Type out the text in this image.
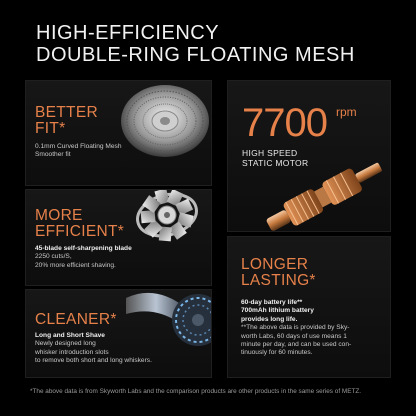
HIGH-EFFICIENCY
DOUBLE-RING FLOATING MESH
BETTER
FIT*
0.1mm Curved Floating Mesh
Smoother fit
MORE
EFFICIENT*
45-blade self-sharpening blade
2250 cuts/S,
20% more efficient shaving.
CLEANER*
Long and Short Shave
Newly designed long
whisker introduction slots
to remove both short and long whiskers.
7700 rpm
HIGH SPEED
STATIC MOTOR
LONGER
LASTING*
60-day battery life**
700mAh lithium battery
provides long life.
**The above data is provided by Sky-
worth Labs, 60 days of use means 1
minute per day, and can be used con-
tinuously for 60 minutes.
*The above data is from Skyworth Labs and the comparison products are other products in the same series of METZ.
